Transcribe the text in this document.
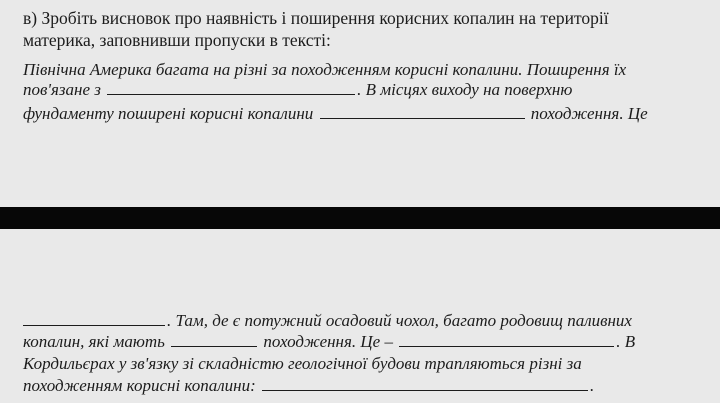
в) Зробіть висновок про наявність і поширення корисних копалин на території
материка, заповнивши пропуски в тексті:
Північна Америка багата на різні за походженням корисні копалини. Поширення їх
пов'язане з	. В місцях виходу на поверхню
фундаменту поширені корисні копалини	походження. Це
. Там, де є потужний осадовий чохол, багато родовищ паливних
копалин, які мають	походження. Це –	. В
Кордильєрах у зв'язку зі складністю геологічної будови трапляються різні за
походженням корисні копалини:	.
